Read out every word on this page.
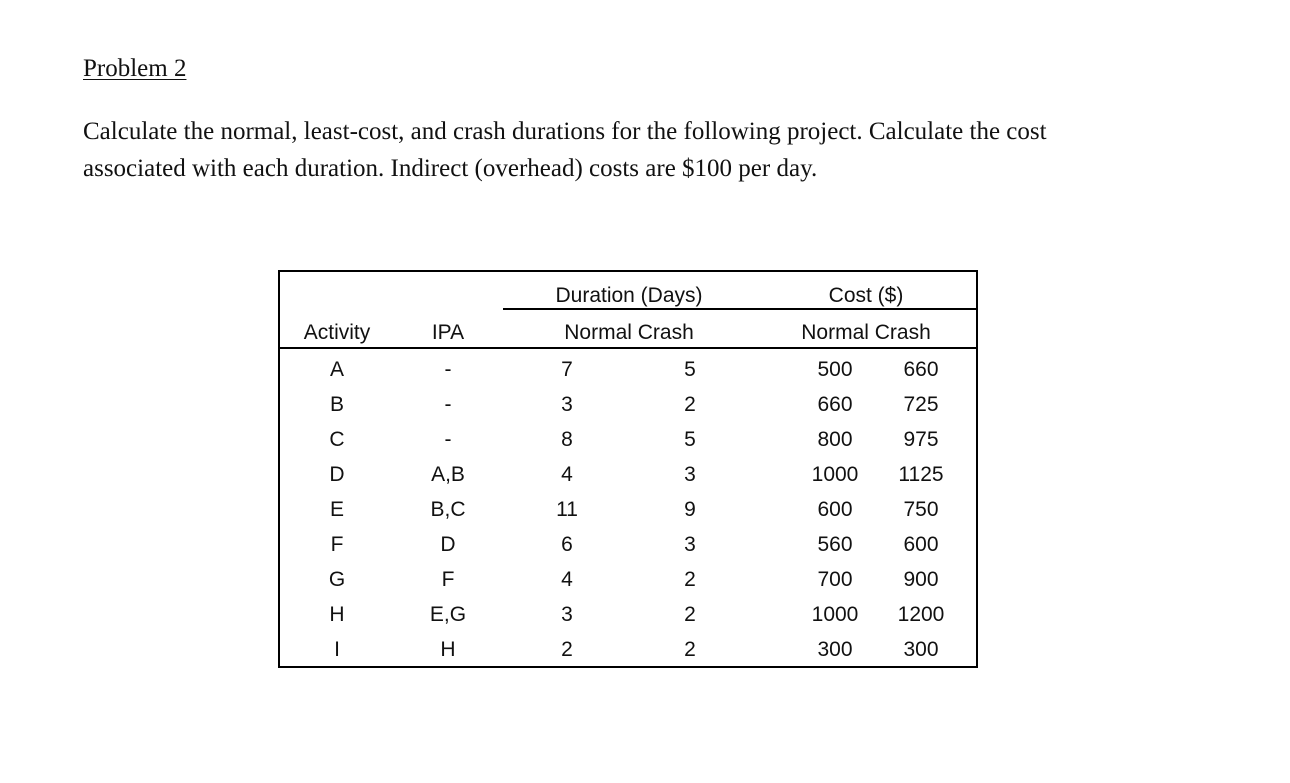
Problem 2

Calculate the normal, least-cost, and crash durations for the following project. Calculate the cost
associated with each duration. Indirect (overhead) costs are $100 per day.

Duration (Days)	Cost ($)
Activity	IPA	Normal Crash	Normal Crash
A	-	7	5	500 660
B	-	3	2	660 725
C	-	8	5	800 975
D	A,B	4	3	1000 1125
E	B,C	11	9	600 750
F	D	6	3	560 600
G	F	4	2	700 900
H	E,G	3	2	1000 1200
I	H	2	2	300 300
